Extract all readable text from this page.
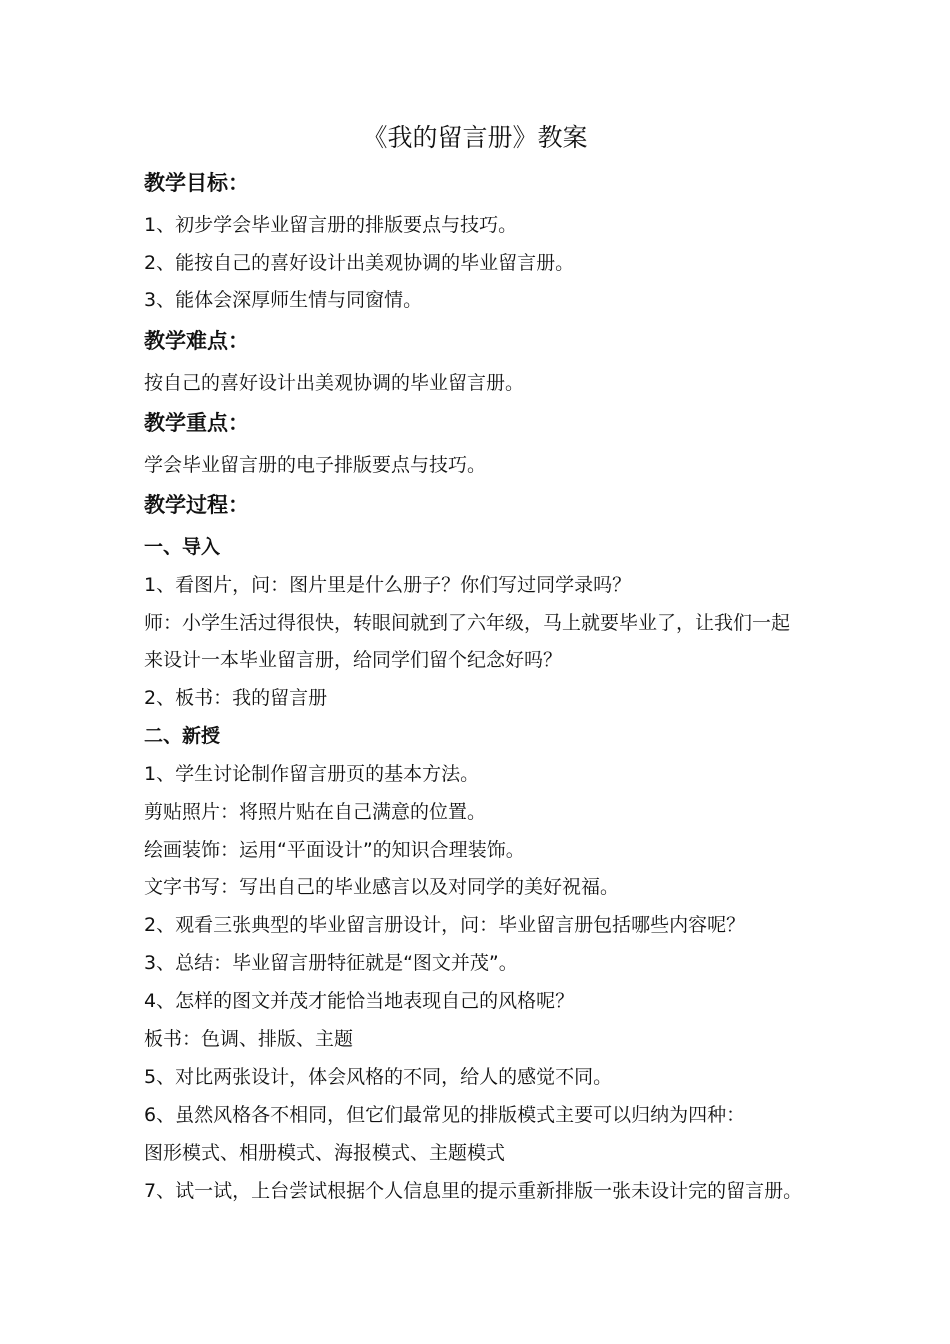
《我的留言册》教案
教学目标：
1、初步学会毕业留言册的排版要点与技巧。
2、能按自己的喜好设计出美观协调的毕业留言册。
3、能体会深厚师生情与同窗情。
教学难点：
按自己的喜好设计出美观协调的毕业留言册。
教学重点：
学会毕业留言册的电子排版要点与技巧。
教学过程：
一、导入
1、看图片，问：图片里是什么册子？你们写过同学录吗？
师：小学生活过得很快，转眼间就到了六年级，马上就要毕业了，让我们一起
来设计一本毕业留言册，给同学们留个纪念好吗？
2、板书：我的留言册
二、新授
1、学生讨论制作留言册页的基本方法。
剪贴照片：将照片贴在自己满意的位置。
绘画装饰：运用“平面设计”的知识合理装饰。
文字书写：写出自己的毕业感言以及对同学的美好祝福。
2、观看三张典型的毕业留言册设计，问：毕业留言册包括哪些内容呢？
3、总结：毕业留言册特征就是“图文并茂”。
4、怎样的图文并茂才能恰当地表现自己的风格呢？
板书：色调、排版、主题
5、对比两张设计，体会风格的不同，给人的感觉不同。
6、虽然风格各不相同，但它们最常见的排版模式主要可以归纳为四种：
图形模式、相册模式、海报模式、主题模式
7、试一试，上台尝试根据个人信息里的提示重新排版一张未设计完的留言册。
